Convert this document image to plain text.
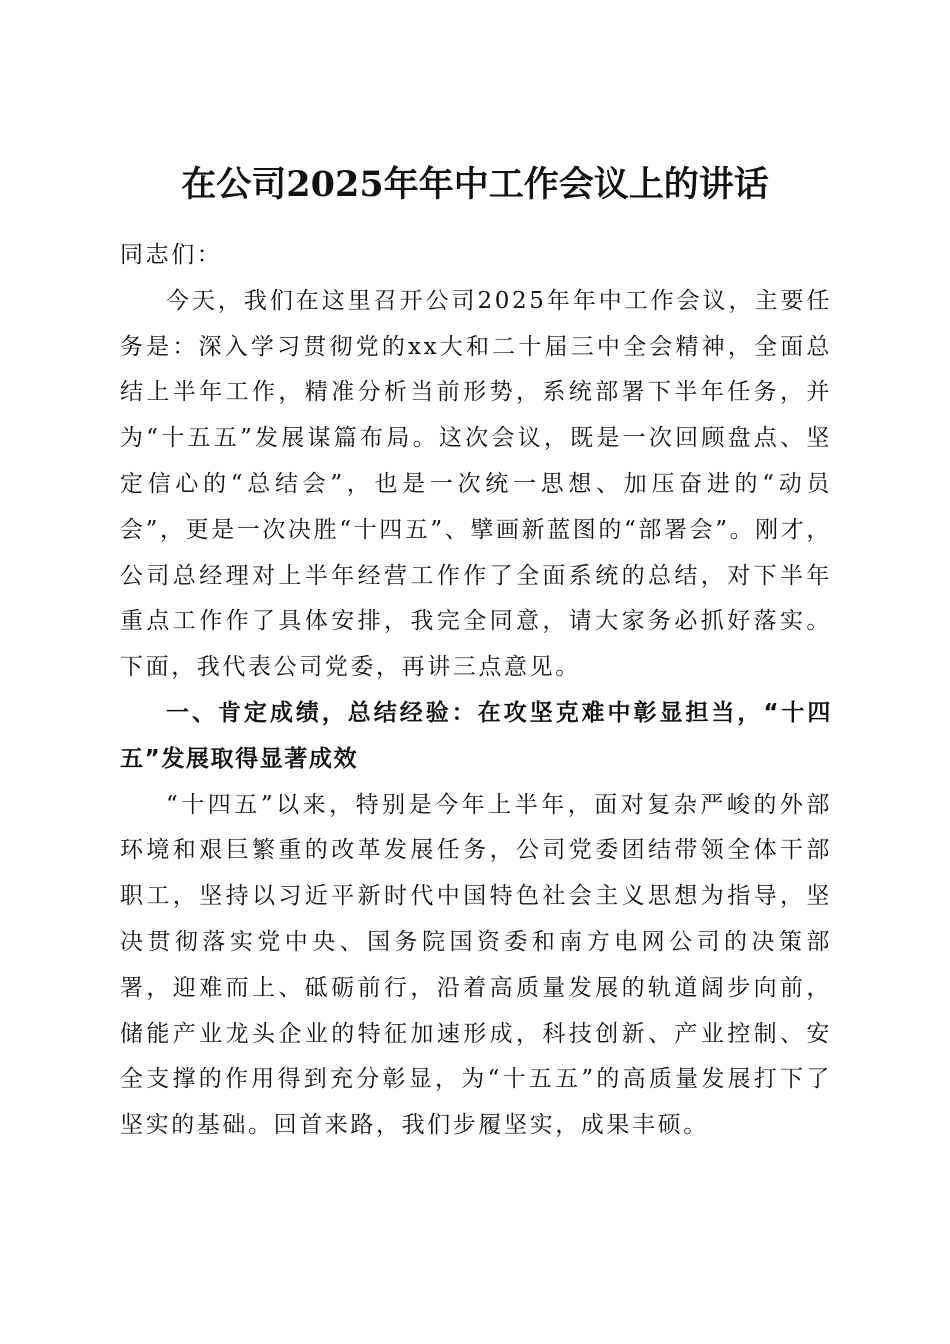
在公司2025年年中工作会议上的讲话

同志们：

今天，我们在这里召开公司2025年年中工作会议，主要任务是：深入学习贯彻党的xx大和二十届三中全会精神，全面总结上半年工作，精准分析当前形势，系统部署下半年任务，并为“十五五”发展谋篇布局。这次会议，既是一次回顾盘点、坚定信心的“总结会”，也是一次统一思想、加压奋进的“动员会”，更是一次决胜“十四五”、擘画新蓝图的“部署会”。刚才，公司总经理对上半年经营工作作了全面系统的总结，对下半年重点工作作了具体安排，我完全同意，请大家务必抓好落实。下面，我代表公司党委，再讲三点意见。

一、肯定成绩，总结经验：在攻坚克难中彰显担当，“十四五”发展取得显著成效

“十四五”以来，特别是今年上半年，面对复杂严峻的外部环境和艰巨繁重的改革发展任务，公司党委团结带领全体干部职工，坚持以习近平新时代中国特色社会主义思想为指导，坚决贯彻落实党中央、国务院国资委和南方电网公司的决策部署，迎难而上、砥砺前行，沿着高质量发展的轨道阔步向前，储能产业龙头企业的特征加速形成，科技创新、产业控制、安全支撑的作用得到充分彰显，为“十五五”的高质量发展打下了坚实的基础。回首来路，我们步履坚实，成果丰硕。
